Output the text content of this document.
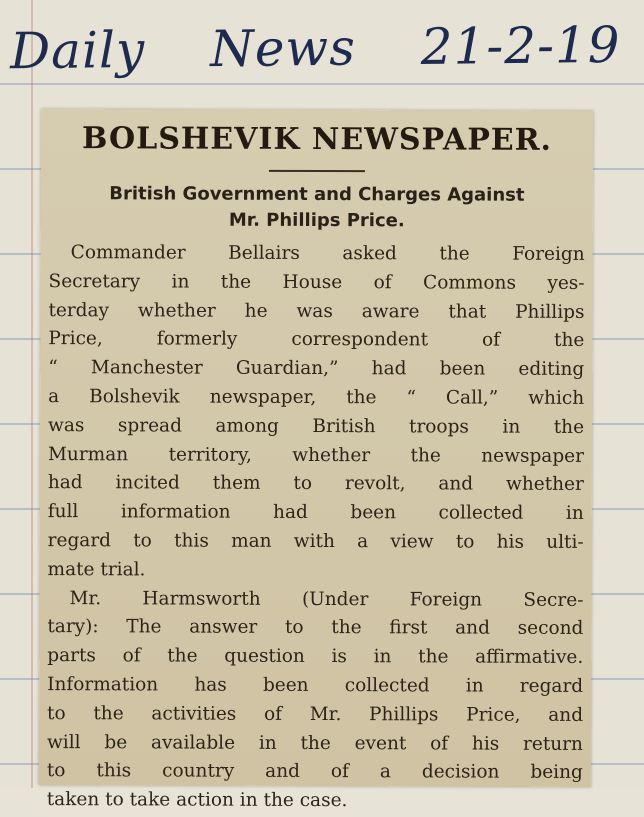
Daily News 21-2-19

BOLSHEVIK NEWSPAPER.
British Government and Charges Against
Mr. Phillips Price.

Commander Bellairs asked the Foreign
Secretary in the House of Commons yes-
terday whether he was aware that Phillips
Price, formerly correspondent of the
“ Manchester Guardian,” had been editing
a Bolshevik newspaper, the “ Call,” which
was spread among British troops in the
Murman territory, whether the newspaper
had incited them to revolt, and whether
full information had been collected in
regard to this man with a view to his ulti-
mate trial.

Mr. Harmsworth (Under Foreign Secre-
tary): The answer to the first and second
parts of the question is in the affirmative.
Information has been collected in regard
to the activities of Mr. Phillips Price, and
will be available in the event of his return
to this country and of a decision being
taken to take action in the case.
